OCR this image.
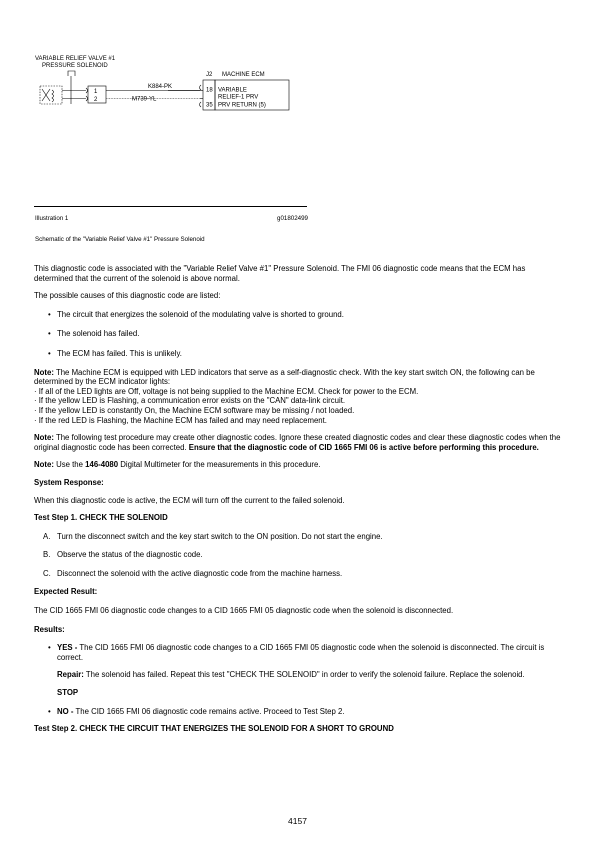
VARIABLE RELIEF VALVE #1
PRESSURE SOLENOID
1
2
K884-PK
M739-YL
J2 MACHINE ECM
18
35
VARIABLE
RELIEF-1 PRV
PRV RETURN (5)
Illustration 1	g01802499
Schematic of the "Variable Relief Valve #1" Pressure Solenoid

This diagnostic code is associated with the "Variable Relief Valve #1" Pressure Solenoid. The FMI 06 diagnostic code means that the ECM has determined that the current of the solenoid is above normal.

The possible causes of this diagnostic code are listed:

• The circuit that energizes the solenoid of the modulating valve is shorted to ground.

• The solenoid has failed.

• The ECM has failed. This is unlikely.

Note: The Machine ECM is equipped with LED indicators that serve as a self-diagnostic check. With the key start switch ON, the following can be determined by the ECM indicator lights:

· If all of the LED lights are Off, voltage is not being supplied to the Machine ECM. Check for power to the ECM.

· If the yellow LED is Flashing, a communication error exists on the "CAN" data-link circuit.

· If the yellow LED is constantly On, the Machine ECM software may be missing / not loaded.

· If the red LED is Flashing, the Machine ECM has failed and may need replacement.

Note: The following test procedure may create other diagnostic codes. Ignore these created diagnostic codes and clear these diagnostic codes when the original diagnostic code has been corrected. Ensure that the diagnostic code of CID 1665 FMI 06 is active before performing this procedure.

Note: Use the 146-4080 Digital Multimeter for the measurements in this procedure.

System Response:

When this diagnostic code is active, the ECM will turn off the current to the failed solenoid.

Test Step 1. CHECK THE SOLENOID

A. Turn the disconnect switch and the key start switch to the ON position. Do not start the engine.

B. Observe the status of the diagnostic code.

C. Disconnect the solenoid with the active diagnostic code from the machine harness.

Expected Result:

The CID 1665 FMI 06 diagnostic code changes to a CID 1665 FMI 05 diagnostic code when the solenoid is disconnected.

Results:

• YES - The CID 1665 FMI 06 diagnostic code changes to a CID 1665 FMI 05 diagnostic code when the solenoid is disconnected. The circuit is correct.

Repair: The solenoid has failed. Repeat this test "CHECK THE SOLENOID" in order to verify the solenoid failure. Replace the solenoid.

STOP

• NO - The CID 1665 FMI 06 diagnostic code remains active. Proceed to Test Step 2.

Test Step 2. CHECK THE CIRCUIT THAT ENERGIZES THE SOLENOID FOR A SHORT TO GROUND

4157
